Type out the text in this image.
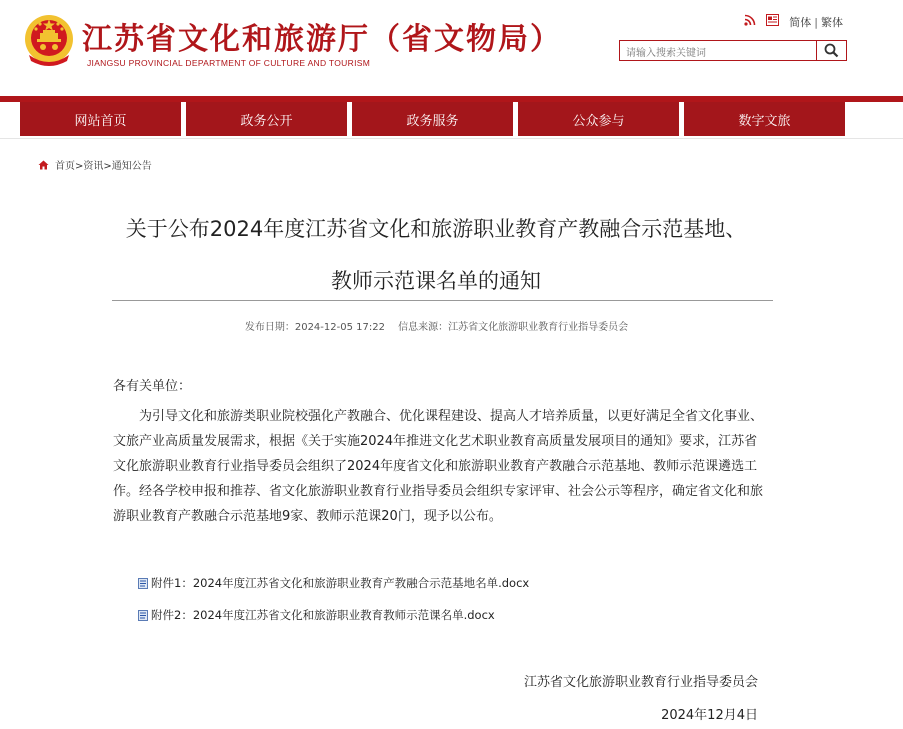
江苏省文化和旅游厅（省文物局）
JIANGSU PROVINCIAL DEPARTMENT OF CULTURE AND TOURISM
简体 | 繁体
请输入搜索关键词
网站首页	政务公开	政务服务	公众参与	数字文旅
首页>资讯>通知公告
关于公布2024年度江苏省文化和旅游职业教育产教融合示范基地、
教师示范课名单的通知
发布日期：2024-12-05 17:22 信息来源：江苏省文化旅游职业教育行业指导委员会
各有关单位：
为引导文化和旅游类职业院校强化产教融合、优化课程建设、提高人才培养质量，以更好满足全省文化事业、文旅产业高质量发展需求，根据《关于实施2024年推进文化艺术职业教育高质量发展项目的通知》要求，江苏省文化旅游职业教育行业指导委员会组织了2024年度省文化和旅游职业教育产教融合示范基地、教师示范课遴选工作。经各学校申报和推荐、省文化旅游职业教育行业指导委员会组织专家评审、社会公示等程序，确定省文化和旅游职业教育产教融合示范基地9家、教师示范课20门，现予以公布。
附件1：2024年度江苏省文化和旅游职业教育产教融合示范基地名单.docx
附件2：2024年度江苏省文化和旅游职业教育教师示范课名单.docx
江苏省文化旅游职业教育行业指导委员会
2024年12月4日
